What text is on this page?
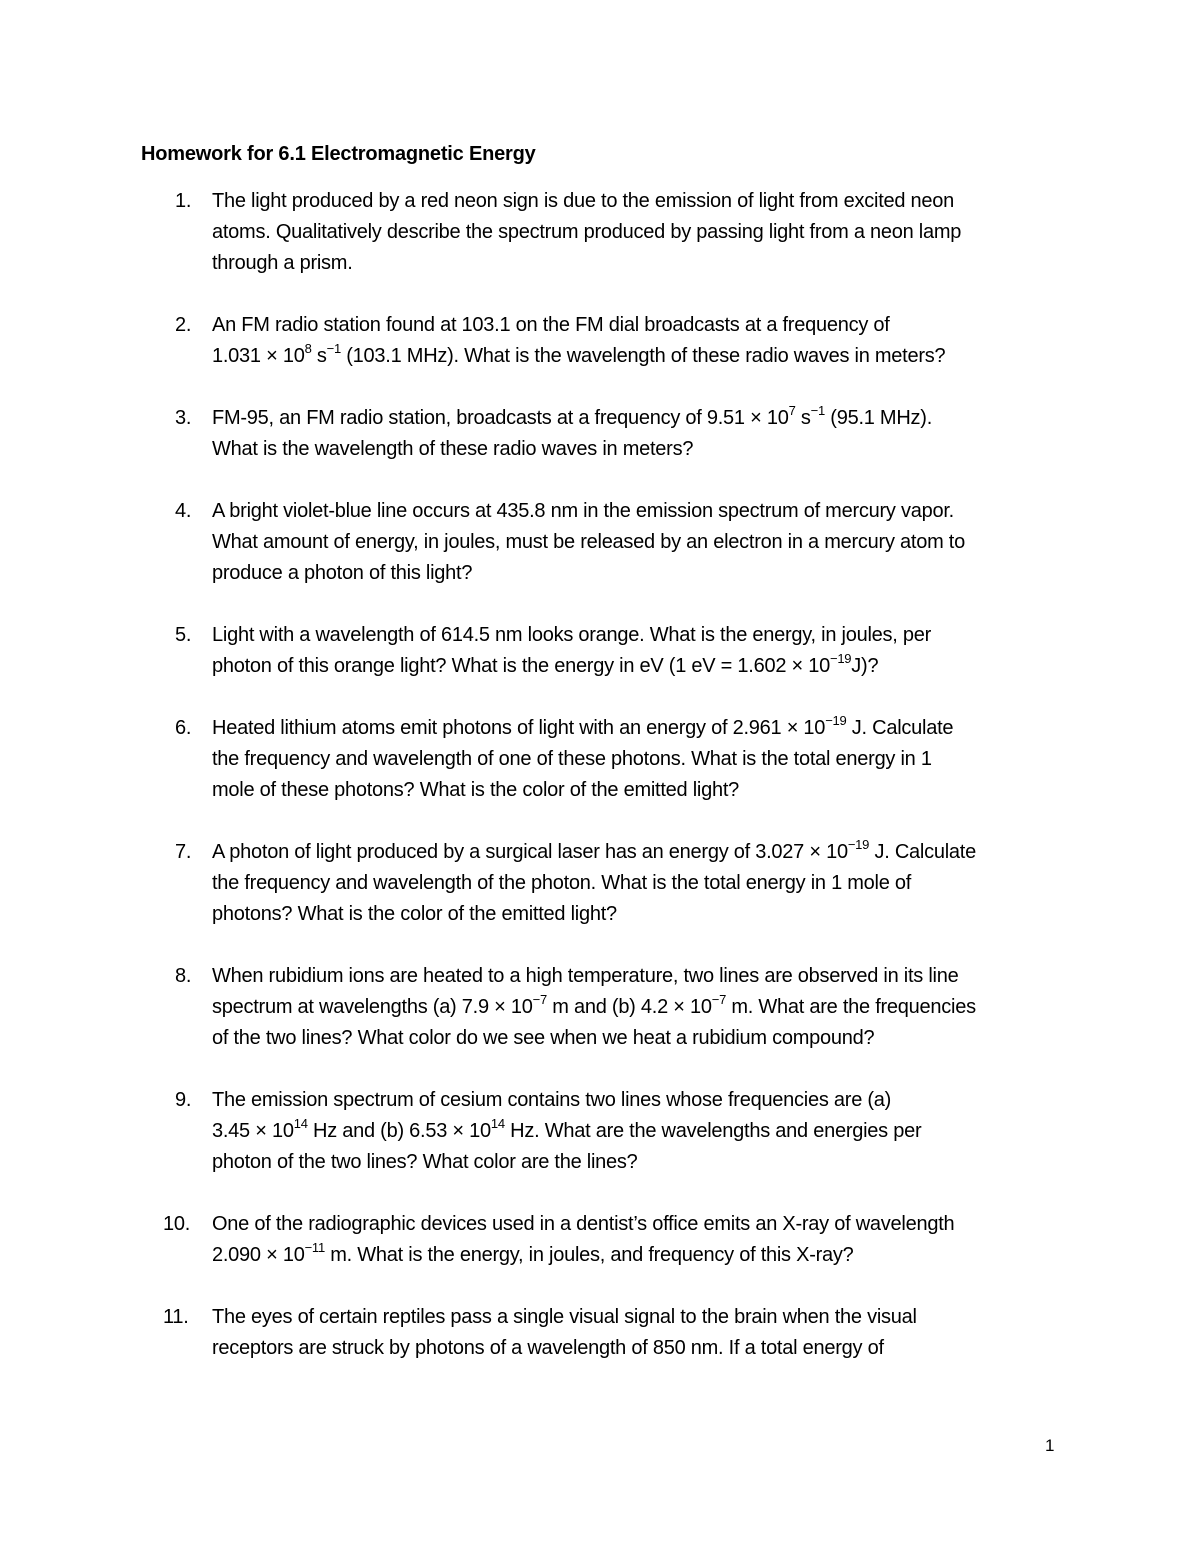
Homework for 6.1 Electromagnetic Energy
1. The light produced by a red neon sign is due to the emission of light from excited neon
atoms. Qualitatively describe the spectrum produced by passing light from a neon lamp
through a prism.
2. An FM radio station found at 103.1 on the FM dial broadcasts at a frequency of
$1.031 \times 10^8$ $s^{-1}$ (103.1 MHz). What is the wavelength of these radio waves in meters?
3. FM-95, an FM radio station, broadcasts at a frequency of $9.51 \times 10^7$ $s^{-1}$ (95.1 MHz).
What is the wavelength of these radio waves in meters?
4. A bright violet-blue line occurs at 435.8 nm in the emission spectrum of mercury vapor.
What amount of energy, in joules, must be released by an electron in a mercury atom to
produce a photon of this light?
5. Light with a wavelength of 614.5 nm looks orange. What is the energy, in joules, per
photon of this orange light? What is the energy in eV (1 eV = $1.602 \times 10^{-19}J$)?
6. Heated lithium atoms emit photons of light with an energy of $2.961 \times 10^{-19}$ J. Calculate
the frequency and wavelength of one of these photons. What is the total energy in 1
mole of these photons? What is the color of the emitted light?
7. A photon of light produced by a surgical laser has an energy of $3.027 \times 10^{-19}$ J. Calculate
the frequency and wavelength of the photon. What is the total energy in 1 mole of
photons? What is the color of the emitted light?
8. When rubidium ions are heated to a high temperature, two lines are observed in its line
spectrum at wavelengths (a) $7.9 \times 10^{-7}$ m and (b) $4.2 \times 10^{-7}$ m. What are the frequencies
of the two lines? What color do we see when we heat a rubidium compound?
9. The emission spectrum of cesium contains two lines whose frequencies are (a)
$3.45 \times 10^{14}$ Hz and (b) $6.53 \times 10^{14}$ Hz. What are the wavelengths and energies per
photon of the two lines? What color are the lines?
10. One of the radiographic devices used in a dentist’s office emits an X-ray of wavelength
$2.090 \times 10^{-11}$ m. What is the energy, in joules, and frequency of this X-ray?
11. The eyes of certain reptiles pass a single visual signal to the brain when the visual
receptors are struck by photons of a wavelength of 850 nm. If a total energy of
1
